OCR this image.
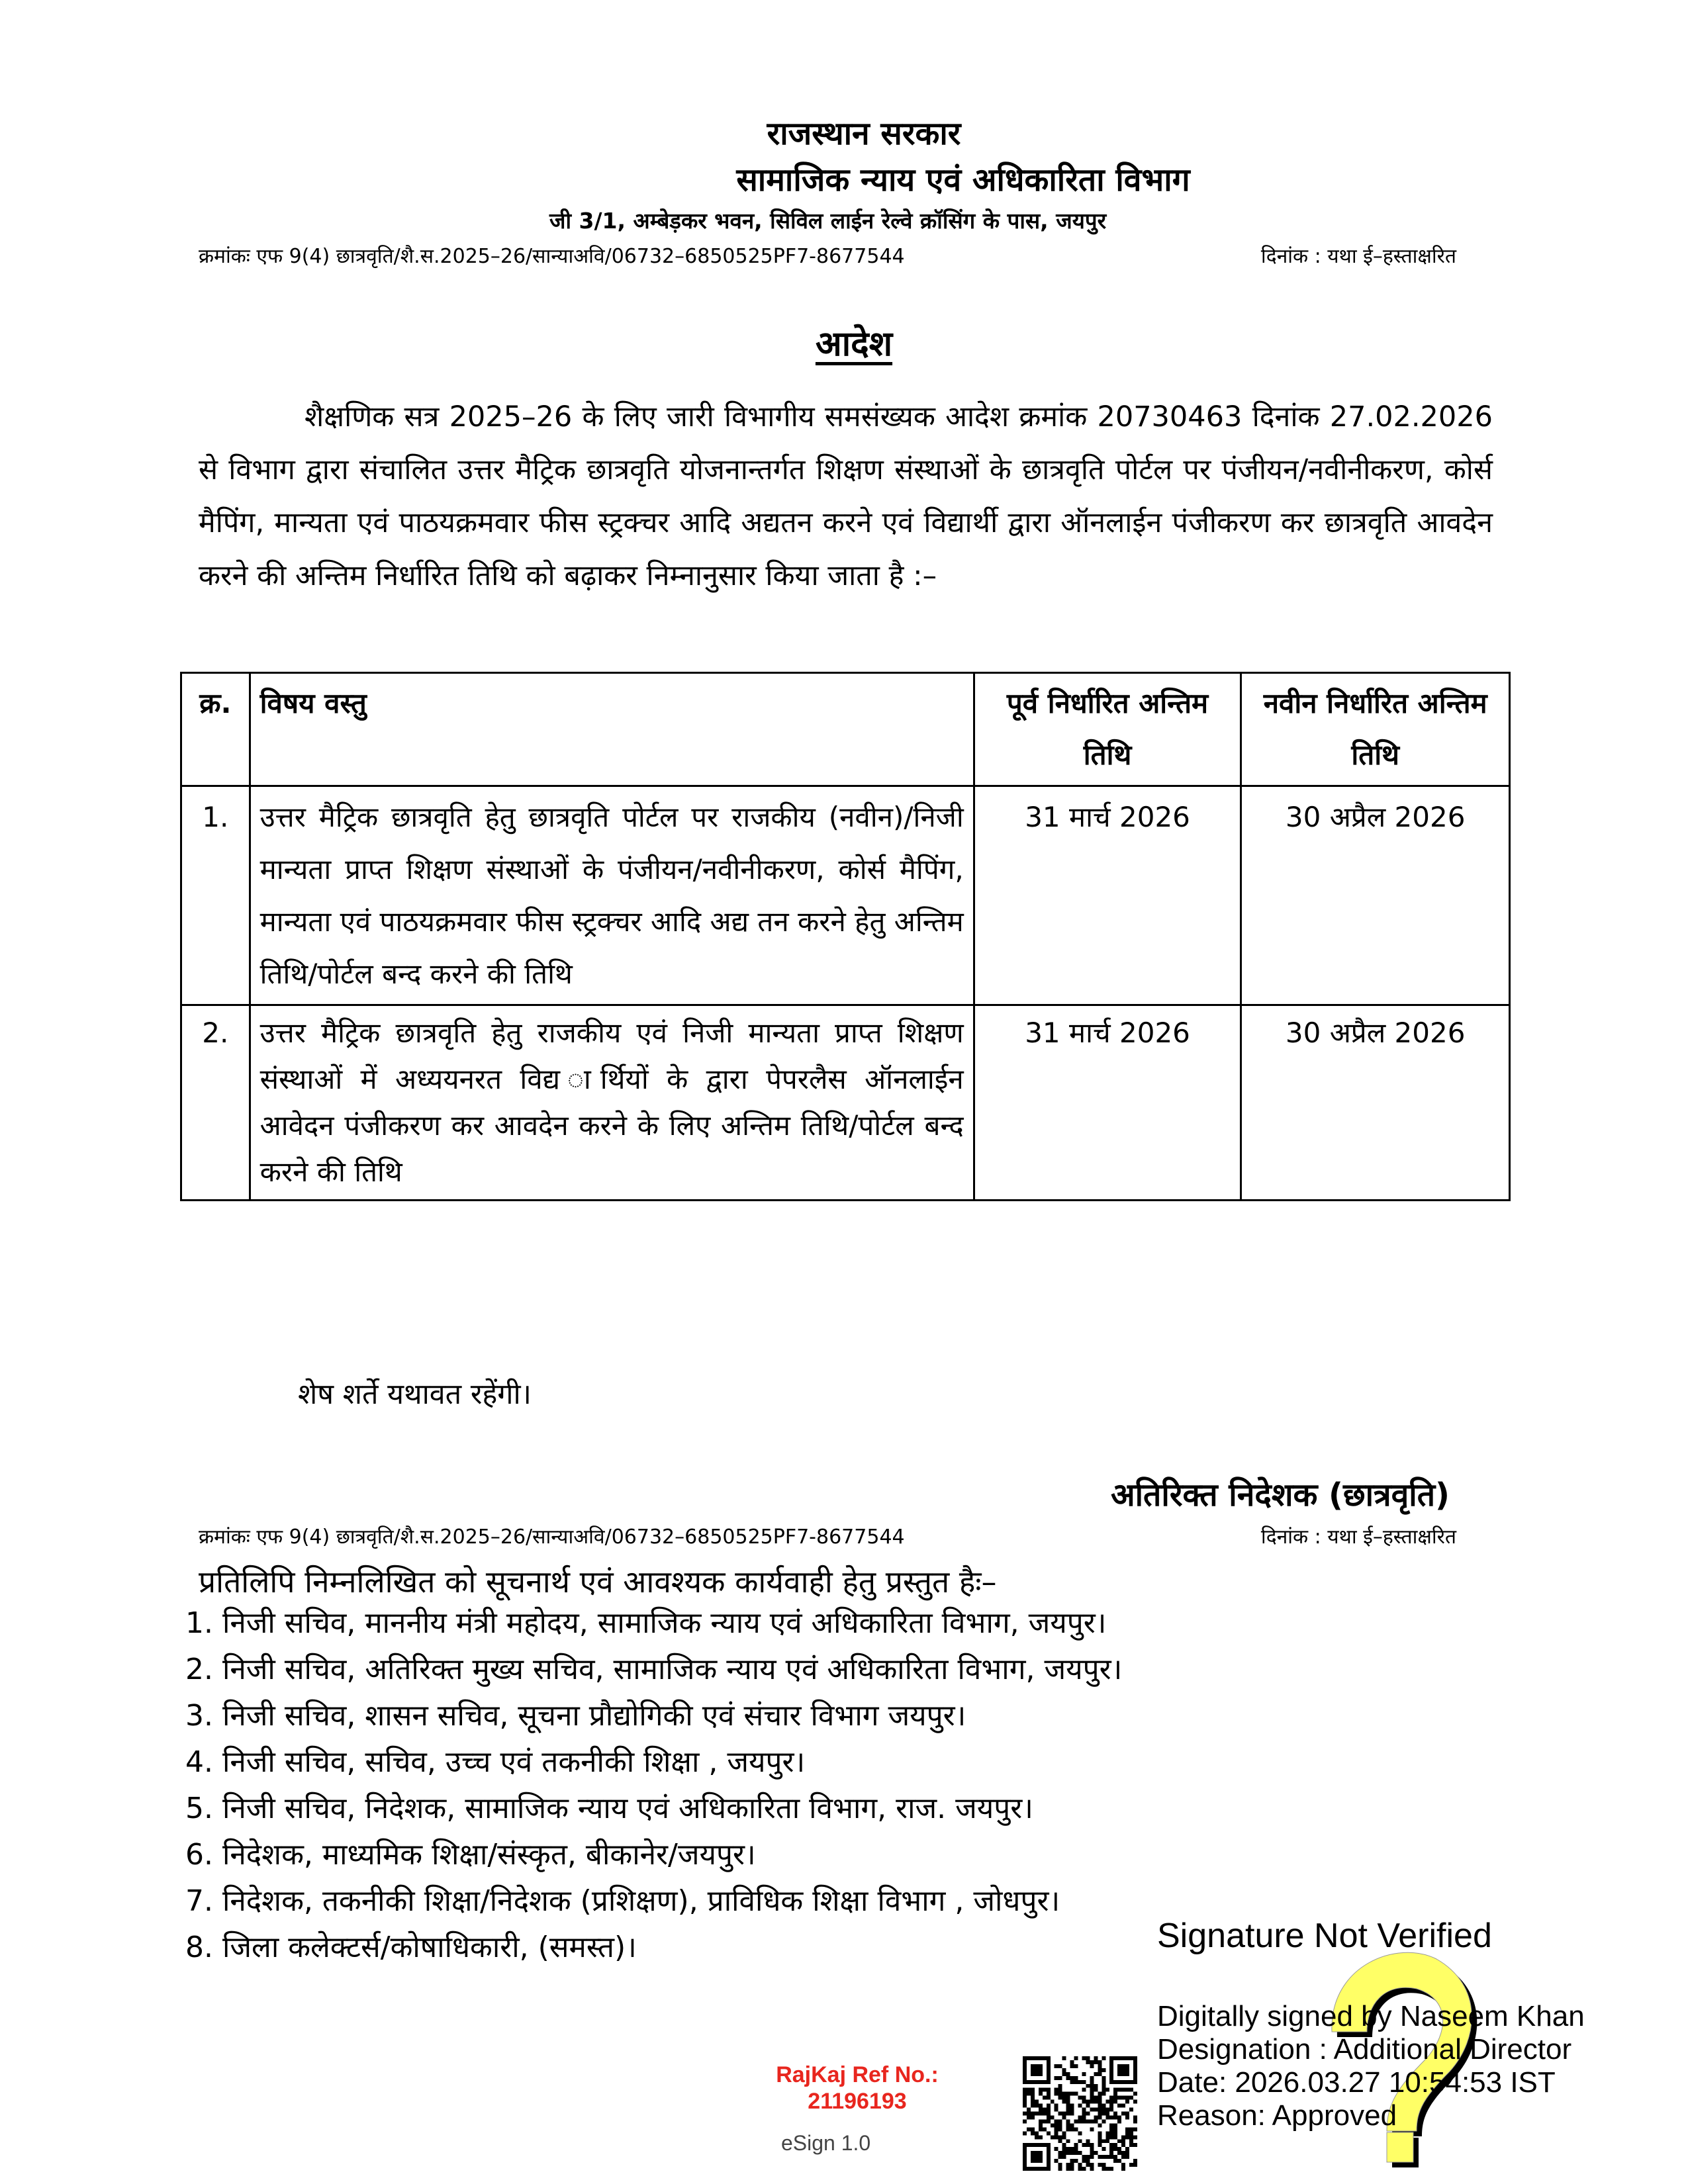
राजस्थान सरकार
सामाजिक न्याय एवं अधिकारिता विभाग
जी 3/1, अम्बेड़कर भवन, सिविल लाईन रेल्वे क्रॉसिंग के पास, जयपुर
क्रमांकः एफ 9(4) छात्रवृति/शै.स.2025–26/सान्याअवि/06732–6850525PF7-8677544	दिनांक : यथा ई–हस्ताक्षरित
आदेश
शैक्षणिक सत्र 2025–26 के लिए जारी विभागीय समसंख्यक आदेश क्रमांक 20730463 दिनांक 27.02.2026 से विभाग द्वारा संचालित उत्तर मैट्रिक छात्रवृति योजनान्तर्गत शिक्षण संस्थाओं के छात्रवृति पोर्टल पर पंजीयन/नवीनीकरण, कोर्स मैपिंग, मान्यता एवं पाठयक्रमवार फीस स्ट्रक्चर आदि अद्यतन करने एवं विद्यार्थी द्वारा ऑनलाईन पंजीकरण कर छात्रवृति आवदेन करने की अन्तिम निर्धारित तिथि को बढ़ाकर निम्नानुसार किया जाता है :–
क्र.	विषय वस्तु	पूर्व निर्धारित अन्तिम तिथि	नवीन निर्धारित अन्तिम तिथि
1.	उत्तर मैट्रिक छात्रवृति हेतु छात्रवृति पोर्टल पर राजकीय (नवीन)/निजी मान्यता प्राप्त शिक्षण संस्थाओं के पंजीयन/नवीनीकरण, कोर्स मैपिंग, मान्यता एवं पाठयक्रमवार फीस स्ट्रक्चर आदि अद्य तन करने हेतु अन्तिम तिथि/पोर्टल बन्द करने की तिथि	31 मार्च 2026	30 अप्रैल 2026
2.	उत्तर मैट्रिक छात्रवृति हेतु राजकीय एवं निजी मान्यता प्राप्त शिक्षण संस्थाओं में अध्ययनरत विद्य ार्थियों के द्वारा पेपरलैस ऑनलाईन आवेदन पंजीकरण कर आवदेन करने के लिए अन्तिम तिथि/पोर्टल बन्द करने की तिथि	31 मार्च 2026	30 अप्रैल 2026
शेष शर्ते यथावत रहेंगी।
अतिरिक्त निदेशक (छात्रवृति)
क्रमांकः एफ 9(4) छात्रवृति/शै.स.2025–26/सान्याअवि/06732–6850525PF7-8677544	दिनांक : यथा ई–हस्ताक्षरित
प्रतिलिपि निम्नलिखित को सूचनार्थ एवं आवश्यक कार्यवाही हेतु प्रस्तुत हैः–
1. निजी सचिव, माननीय मंत्री महोदय, सामाजिक न्याय एवं अधिकारिता विभाग, जयपुर।
2. निजी सचिव, अतिरिक्त मुख्य सचिव, सामाजिक न्याय एवं अधिकारिता विभाग, जयपुर।
3. निजी सचिव, शासन सचिव, सूचना प्रौद्योगिकी एवं संचार विभाग जयपुर।
4. निजी सचिव, सचिव, उच्च एवं तकनीकी शिक्षा , जयपुर।
5. निजी सचिव, निदेशक, सामाजिक न्याय एवं अधिकारिता विभाग, राज. जयपुर।
6. निदेशक, माध्यमिक शिक्षा/संस्कृत, बीकानेर/जयपुर।
7. निदेशक, तकनीकी शिक्षा/निदेशक (प्रशिक्षण), प्राविधिक शिक्षा विभाग , जोधपुर।
8. जिला कलेक्टर्स/कोषाधिकारी, (समस्त)।	Signature Not Verified
Digitally signed by Naseem Khan
Designation : Additional Director
Date: 2026.03.27 10:54:53 IST
Reason: Approved
RajKaj Ref No.:
21196193
eSign 1.0
